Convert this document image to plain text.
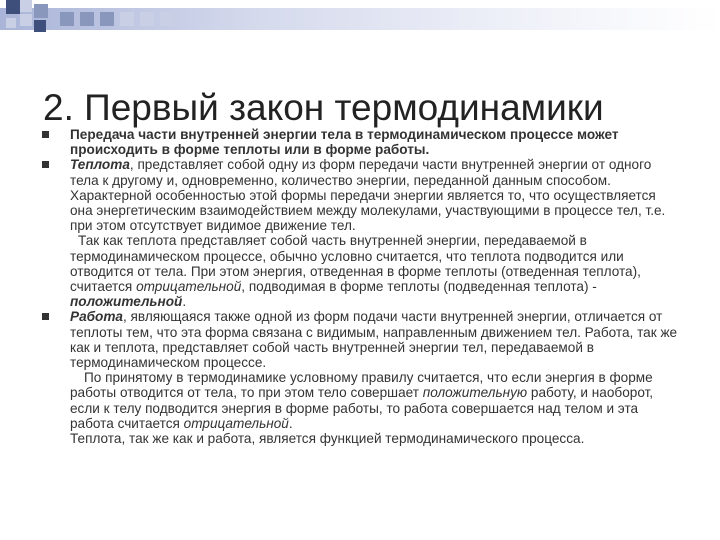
2. Первый закон термодинамики

Передача части внутренней энергии тела в термодинамическом процессе может происходить в форме теплоты или в форме работы.

Теплота, представляет собой одну из форм передачи части внутренней энергии от одного тела к другому и, одновременно, количество энергии, переданной данным способом. Характерной особенностью этой формы передачи энергии является то, что осуществляется она энергетическим взаимодействием между молекулами, участвующими в процессе тел, т.е. при этом отсутствует видимое движение тел.

Так как теплота представляет собой часть внутренней энергии, передаваемой в термодинамическом процессе, обычно условно считается, что теплота подводится или отводится от тела. При этом энергия, отведенная в форме теплоты (отведенная теплота), считается отрицательной, подводимая в форме теплоты (подведенная теплота) - положительной.

Работа, являющаяся также одной из форм подачи части внутренней энергии, отличается от теплоты тем, что эта форма связана с видимым, направленным движением тел. Работа, так же как и теплота, представляет собой часть внутренней энергии тел, передаваемой в термодинамическом процессе.

По принятому в термодинамике условному правилу считается, что если энергия в форме работы отводится от тела, то при этом тело совершает положительную работу, и наоборот, если к телу подводится энергия в форме работы, то работа совершается над телом и эта работа считается отрицательной.

Теплота, так же как и работа, является функцией термодинамического процесса.
